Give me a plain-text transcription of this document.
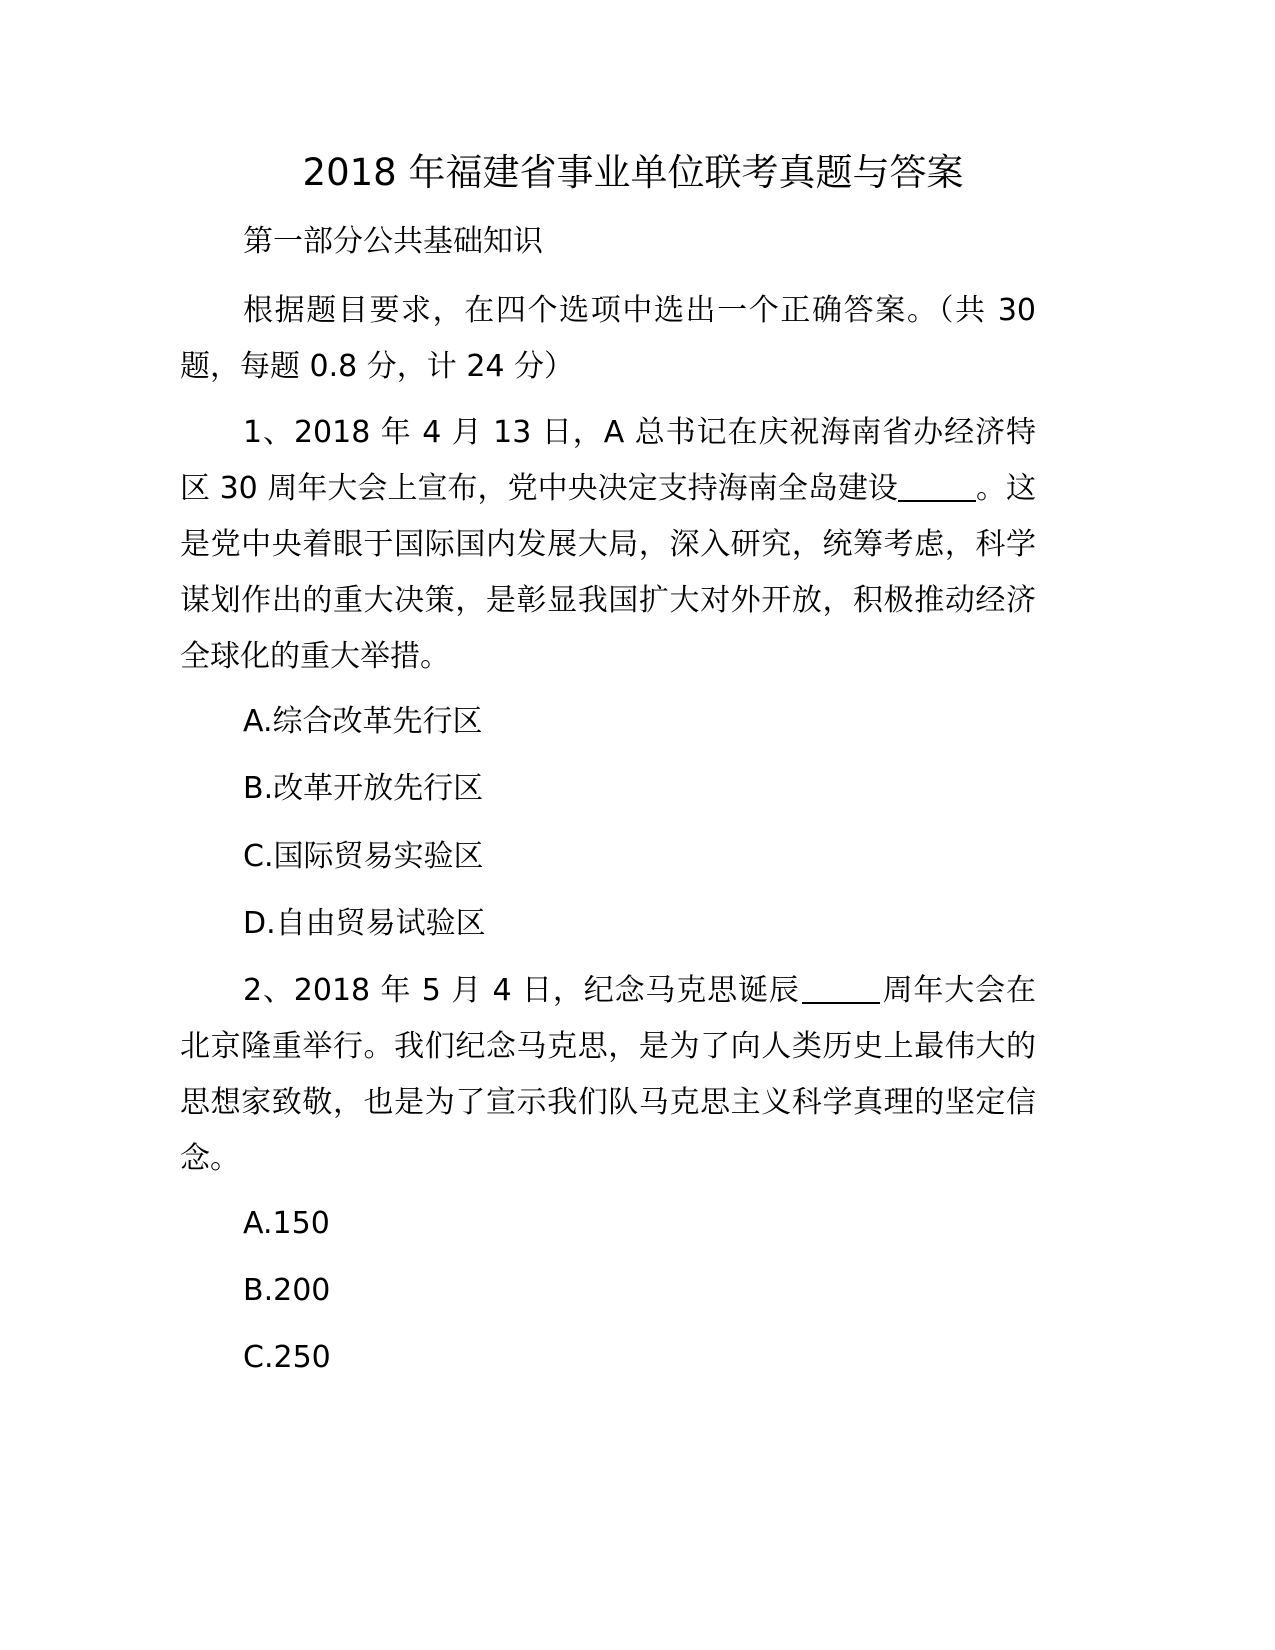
2018 年福建省事业单位联考真题与答案

第一部分公共基础知识

根据题目要求，在四个选项中选出一个正确答案。（共 30 题，每题 0.8 分，计 24 分）

1、2018 年 4 月 13 日，A 总书记在庆祝海南省办经济特区 30 周年大会上宣布，党中央决定支持海南全岛建设	。这是党中央着眼于国际国内发展大局，深入研究，统筹考虑，科学谋划作出的重大决策，是彰显我国扩大对外开放，积极推动经济全球化的重大举措。

A.综合改革先行区

B.改革开放先行区

C.国际贸易实验区

D.自由贸易试验区

2、2018 年 5 月 4 日，纪念马克思诞辰	周年大会在北京隆重举行。我们纪念马克思，是为了向人类历史上最伟大的思想家致敬，也是为了宣示我们队马克思主义科学真理的坚定信念。

A.150

B.200

C.250
